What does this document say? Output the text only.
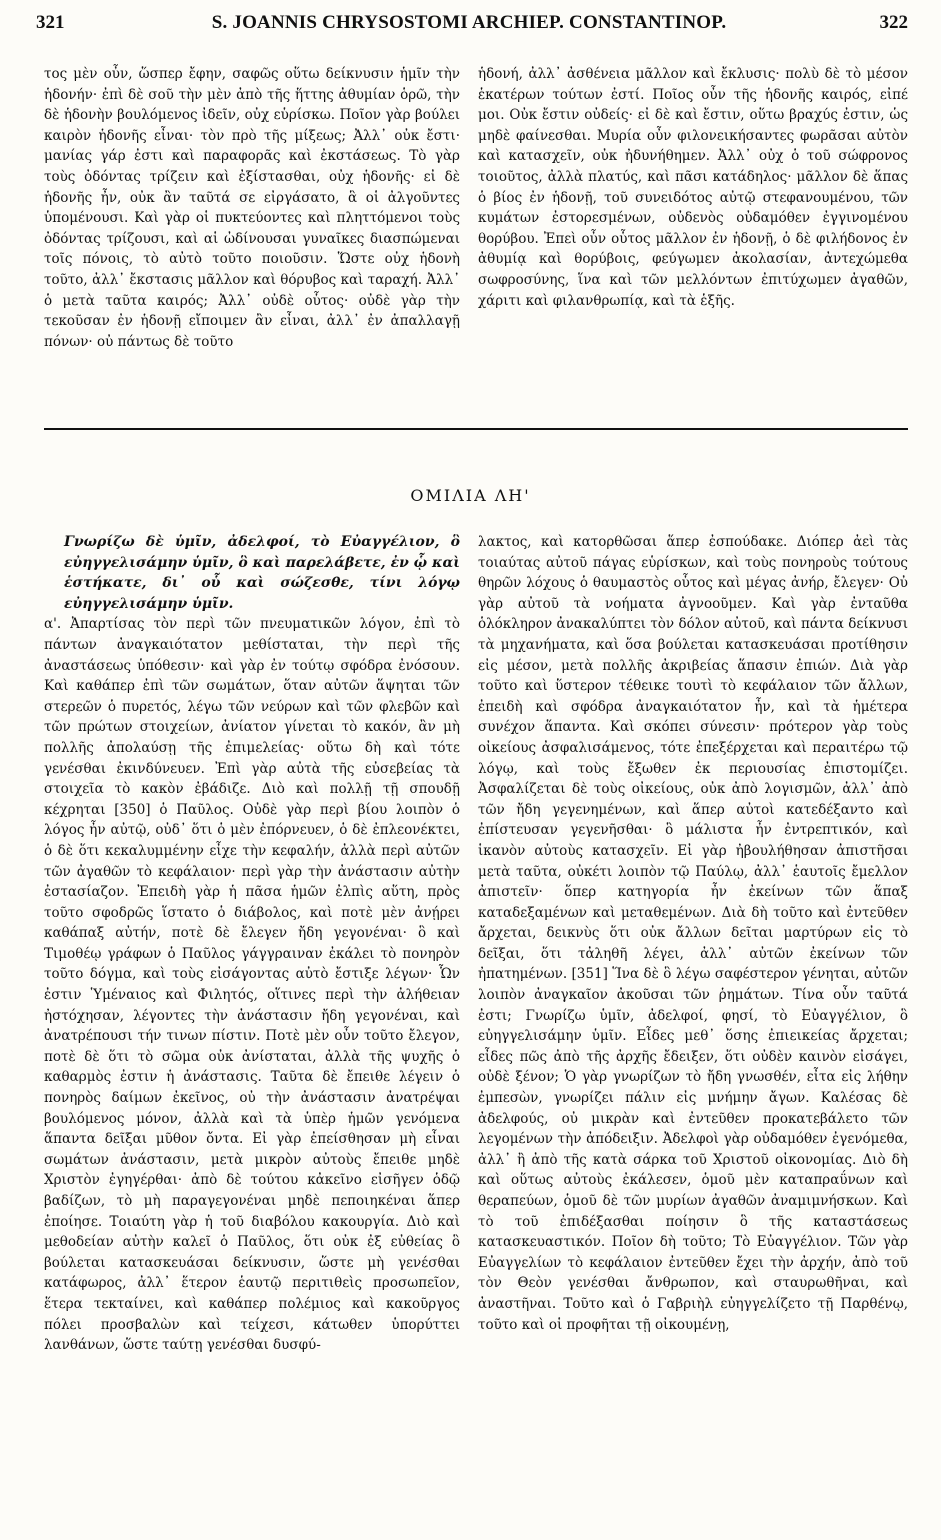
321	S. JOANNIS CHRYSOSTOMI ARCHIEP. CONSTANTINOP.	322

τος μὲν οὖν, ὥσπερ ἔφην, σαφῶς οὕτω δείκνυσιν ἡμῖν τὴν ἡδονήν· ἐπὶ δὲ σοῦ τὴν μὲν ἀπὸ τῆς ἥττης ἀθυμίαν ὁρῶ, τὴν δὲ ἡδονὴν βουλόμενος ἰδεῖν, οὐχ εὑρίσκω. Ποῖον γὰρ βούλει καιρὸν ἡδονῆς εἶναι· τὸν πρὸ τῆς μίξεως; Ἀλλ᾽ οὐκ ἔστι· μανίας γάρ ἐστι καὶ παραφορᾶς καὶ ἐκστάσεως. Τὸ γὰρ τοὺς ὀδόντας τρίζειν καὶ ἐξίστασθαι, οὐχ ἡδονῆς· εἰ δὲ ἡδονῆς ἦν, οὐκ ἂν ταῦτά σε εἰργάσατο, ἃ οἱ ἀλγοῦντες ὑπομένουσι. Καὶ γὰρ οἱ πυκτεύοντες καὶ πληττόμενοι τοὺς ὀδόντας τρίζουσι, καὶ αἱ ὠδίνουσαι γυναῖκες διασπώμεναι τοῖς πόνοις, τὸ αὐτὸ τοῦτο ποιοῦσιν. Ὥστε οὐχ ἡδονὴ τοῦτο, ἀλλ᾽ ἔκστασις μᾶλλον καὶ θόρυβος καὶ ταραχή. Ἀλλ᾽ ὁ μετὰ ταῦτα καιρός; Ἀλλ᾽ οὐδὲ οὗτος· οὐδὲ γὰρ τὴν τεκοῦσαν ἐν ἡδονῇ εἴποιμεν ἂν εἶναι, ἀλλ᾽ ἐν ἀπαλλαγῇ πόνων· οὐ πάντως δὲ τοῦτο

ἡδονή, ἀλλ᾽ ἀσθένεια μᾶλλον καὶ ἔκλυσις· πολὺ δὲ τὸ μέσον ἑκατέρων τούτων ἐστί. Ποῖος οὖν τῆς ἡδονῆς καιρός, εἰπέ μοι. Οὐκ ἔστιν οὐδείς· εἰ δὲ καὶ ἔστιν, οὕτω βραχύς ἐστιν, ὡς μηδὲ φαίνεσθαι. Μυρία οὖν φιλονεικήσαντες φωρᾶσαι αὐτὸν καὶ κατασχεῖν, οὐκ ἠδυνήθημεν. Ἀλλ᾽ οὐχ ὁ τοῦ σώφρονος τοιοῦτος, ἀλλὰ πλατύς, καὶ πᾶσι κατάδηλος· μᾶλλον δὲ ἅπας ὁ βίος ἐν ἡδονῇ, τοῦ συνειδότος αὐτῷ στεφανουμένου, τῶν κυμάτων ἐστορεσμένων, οὐδενὸς οὐδαμόθεν ἐγγινομένου θορύβου. Ἐπεὶ οὖν οὗτος μᾶλλον ἐν ἡδονῇ, ὁ δὲ φιλήδονος ἐν ἀθυμίᾳ καὶ θορύβοις, φεύγωμεν ἀκολασίαν, ἀντεχώμεθα σωφροσύνης, ἵνα καὶ τῶν μελλόντων ἐπιτύχωμεν ἀγαθῶν, χάριτι καὶ φιλανθρωπίᾳ, καὶ τὰ ἑξῆς.

ΟΜΙΛΙΑ ΛΗ'

Γνωρίζω δὲ ὑμῖν, ἀδελφοί, τὸ Εὐαγγέλιον, ὃ εὐηγγελισάμην ὑμῖν, ὃ καὶ παρελάβετε, ἐν ᾧ καὶ ἑστήκατε, δι᾽ οὗ καὶ σώζεσθε, τίνι λόγῳ εὐηγγελισάμην ὑμῖν.

α'. Ἀπαρτίσας τὸν περὶ τῶν πνευματικῶν λόγον, ἐπὶ τὸ πάντων ἀναγκαιότατον μεθίσταται, τὴν περὶ τῆς ἀναστάσεως ὑπόθεσιν· καὶ γὰρ ἐν τούτῳ σφόδρα ἐνόσουν. Καὶ καθάπερ ἐπὶ τῶν σωμάτων, ὅταν αὐτῶν ἅψηται τῶν στερεῶν ὁ πυρετός, λέγω τῶν νεύρων καὶ τῶν φλεβῶν καὶ τῶν πρώτων στοιχείων, ἀνίατον γίνεται τὸ κακόν, ἂν μὴ πολλῆς ἀπολαύσῃ τῆς ἐπιμελείας· οὕτω δὴ καὶ τότε γενέσθαι ἐκινδύνευεν. Ἐπὶ γὰρ αὐτὰ τῆς εὐσεβείας τὰ στοιχεῖα τὸ κακὸν ἐβάδιζε. Διὸ καὶ πολλῇ τῇ σπουδῇ κέχρηται [350] ὁ Παῦλος. Οὐδὲ γὰρ περὶ βίου λοιπὸν ὁ λόγος ἦν αὐτῷ, οὐδ᾽ ὅτι ὁ μὲν ἐπόρνευεν, ὁ δὲ ἐπλεονέκτει, ὁ δὲ ὅτι κεκαλυμμένην εἶχε τὴν κεφαλήν, ἀλλὰ περὶ αὐτῶν τῶν ἀγαθῶν τὸ κεφάλαιον· περὶ γὰρ τὴν ἀνάστασιν αὐτὴν ἐστασίαζον. Ἐπειδὴ γὰρ ἡ πᾶσα ἡμῶν ἐλπὶς αὕτη, πρὸς τοῦτο σφοδρῶς ἵστατο ὁ διάβολος, καὶ ποτὲ μὲν ἀνῄρει καθάπαξ αὐτήν, ποτὲ δὲ ἔλεγεν ἤδη γεγονέναι· ὃ καὶ Τιμοθέῳ γράφων ὁ Παῦλος γάγγραιναν ἐκάλει τὸ πονηρὸν τοῦτο δόγμα, καὶ τοὺς εἰσάγοντας αὐτὸ ἔστιξε λέγων· Ὧν ἐστιν Ὑμέναιος καὶ Φιλητός, οἵτινες περὶ τὴν ἀλήθειαν ἠστόχησαν, λέγοντες τὴν ἀνάστασιν ἤδη γεγονέναι, καὶ ἀνατρέπουσι τήν τινων πίστιν. Ποτὲ μὲν οὖν τοῦτο ἔλεγον, ποτὲ δὲ ὅτι τὸ σῶμα οὐκ ἀνίσταται, ἀλλὰ τῆς ψυχῆς ὁ καθαρμὸς ἐστιν ἡ ἀνάστασις. Ταῦτα δὲ ἔπειθε λέγειν ὁ πονηρὸς δαίμων ἐκεῖνος, οὐ τὴν ἀνάστασιν ἀνατρέψαι βουλόμενος μόνον, ἀλλὰ καὶ τὰ ὑπὲρ ἡμῶν γενόμενα ἅπαντα δεῖξαι μῦθον ὄντα. Εἰ γὰρ ἐπείσθησαν μὴ εἶναι σωμάτων ἀνάστασιν, μετὰ μικρὸν αὐτοὺς ἔπειθε μηδὲ Χριστὸν ἐγηγέρθαι· ἀπὸ δὲ τούτου κἀκεῖνο εἰσῆγεν ὁδῷ βαδίζων, τὸ μὴ παραγεγονέναι μηδὲ πεποιηκέναι ἅπερ ἐποίησε. Τοιαύτη γὰρ ἡ τοῦ διαβόλου κακουργία. Διὸ καὶ μεθοδείαν αὐτὴν καλεῖ ὁ Παῦλος, ὅτι οὐκ ἐξ εὐθείας ὃ βούλεται κατασκευάσαι δείκνυσιν, ὥστε μὴ γενέσθαι κατάφωρος, ἀλλ᾽ ἕτερον ἑαυτῷ περιτιθεὶς προσωπεῖον, ἕτερα τεκταίνει, καὶ καθάπερ πολέμιος καὶ κακοῦργος πόλει προσβαλὼν καὶ τείχεσι, κάτωθεν ὑπορύττει λανθάνων, ὥστε ταύτῃ γενέσθαι δυσφύ-

λακτος, καὶ κατορθῶσαι ἅπερ ἐσπούδακε. Διόπερ ἀεὶ τὰς τοιαύτας αὐτοῦ πάγας εὑρίσκων, καὶ τοὺς πονηροὺς τούτους θηρῶν λόχους ὁ θαυμαστὸς οὗτος καὶ μέγας ἀνήρ, ἔλεγεν· Οὐ γὰρ αὐτοῦ τὰ νοήματα ἀγνοοῦμεν. Καὶ γὰρ ἐνταῦθα ὁλόκληρον ἀνακαλύπτει τὸν δόλον αὐτοῦ, καὶ πάντα δείκνυσι τὰ μηχανήματα, καὶ ὅσα βούλεται κατασκευάσαι προτίθησιν εἰς μέσον, μετὰ πολλῆς ἀκριβείας ἅπασιν ἐπιών. Διὰ γὰρ τοῦτο καὶ ὕστερον τέθεικε τουτὶ τὸ κεφάλαιον τῶν ἄλλων, ἐπειδὴ καὶ σφόδρα ἀναγκαιότατον ἦν, καὶ τὰ ἡμέτερα συνέχον ἅπαντα. Καὶ σκόπει σύνεσιν· πρότερον γὰρ τοὺς οἰκείους ἀσφαλισάμενος, τότε ἐπεξέρχεται καὶ περαιτέρω τῷ λόγῳ, καὶ τοὺς ἔξωθεν ἐκ περιουσίας ἐπιστομίζει. Ἀσφαλίζεται δὲ τοὺς οἰκείους, οὐκ ἀπὸ λογισμῶν, ἀλλ᾽ ἀπὸ τῶν ἤδη γεγενημένων, καὶ ἅπερ αὐτοὶ κατεδέξαντο καὶ ἐπίστευσαν γεγενῆσθαι· ὃ μάλιστα ἦν ἐντρεπτικόν, καὶ ἱκανὸν αὐτοὺς κατασχεῖν. Εἰ γὰρ ἠβουλήθησαν ἀπιστῆσαι μετὰ ταῦτα, οὐκέτι λοιπὸν τῷ Παύλῳ, ἀλλ᾽ ἑαυτοῖς ἔμελλον ἀπιστεῖν· ὅπερ κατηγορία ἦν ἐκείνων τῶν ἅπαξ καταδεξαμένων καὶ μεταθεμένων. Διὰ δὴ τοῦτο καὶ ἐντεῦθεν ἄρχεται, δεικνὺς ὅτι οὐκ ἄλλων δεῖται μαρτύρων εἰς τὸ δεῖξαι, ὅτι τἀληθῆ λέγει, ἀλλ᾽ αὐτῶν ἐκείνων τῶν ἠπατημένων. [351] Ἵνα δὲ ὃ λέγω σαφέστερον γένηται, αὐτῶν λοιπὸν ἀναγκαῖον ἀκοῦσαι τῶν ῥημάτων. Τίνα οὖν ταῦτά ἐστι; Γνωρίζω ὑμῖν, ἀδελφοί, φησί, τὸ Εὐαγγέλιον, ὃ εὐηγγελισάμην ὑμῖν. Εἶδες μεθ᾽ ὅσης ἐπιεικείας ἄρχεται; εἶδες πῶς ἀπὸ τῆς ἀρχῆς ἔδειξεν, ὅτι οὐδὲν καινὸν εἰσάγει, οὐδὲ ξένον; Ὁ γὰρ γνωρίζων τὸ ἤδη γνωσθέν, εἶτα εἰς λήθην ἐμπεσὼν, γνωρίζει πάλιν εἰς μνήμην ἄγων. Καλέσας δὲ ἀδελφούς, οὐ μικρὰν καὶ ἐντεῦθεν προκατεβάλετο τῶν λεγομένων τὴν ἀπόδειξιν. Ἀδελφοὶ γὰρ οὐδαμόθεν ἐγενόμεθα, ἀλλ᾽ ἢ ἀπὸ τῆς κατὰ σάρκα τοῦ Χριστοῦ οἰκονομίας. Διὸ δὴ καὶ οὕτως αὐτοὺς ἐκάλεσεν, ὁμοῦ μὲν καταπραΰνων καὶ θεραπεύων, ὁμοῦ δὲ τῶν μυρίων ἀγαθῶν ἀναμιμνήσκων. Καὶ τὸ τοῦ ἐπιδέξασθαι ποίησιν ὃ τῆς καταστάσεως κατασκευαστικόν. Ποῖον δὴ τοῦτο; Τὸ Εὐαγγέλιον. Τῶν γὰρ Εὐαγγελίων τὸ κεφάλαιον ἐντεῦθεν ἔχει τὴν ἀρχήν, ἀπὸ τοῦ τὸν Θεὸν γενέσθαι ἄνθρωπον, καὶ σταυρωθῆναι, καὶ ἀναστῆναι. Τοῦτο καὶ ὁ Γαβριὴλ εὐηγγελίζετο τῇ Παρθένῳ, τοῦτο καὶ οἱ προφῆται τῇ οἰκουμένῃ,
